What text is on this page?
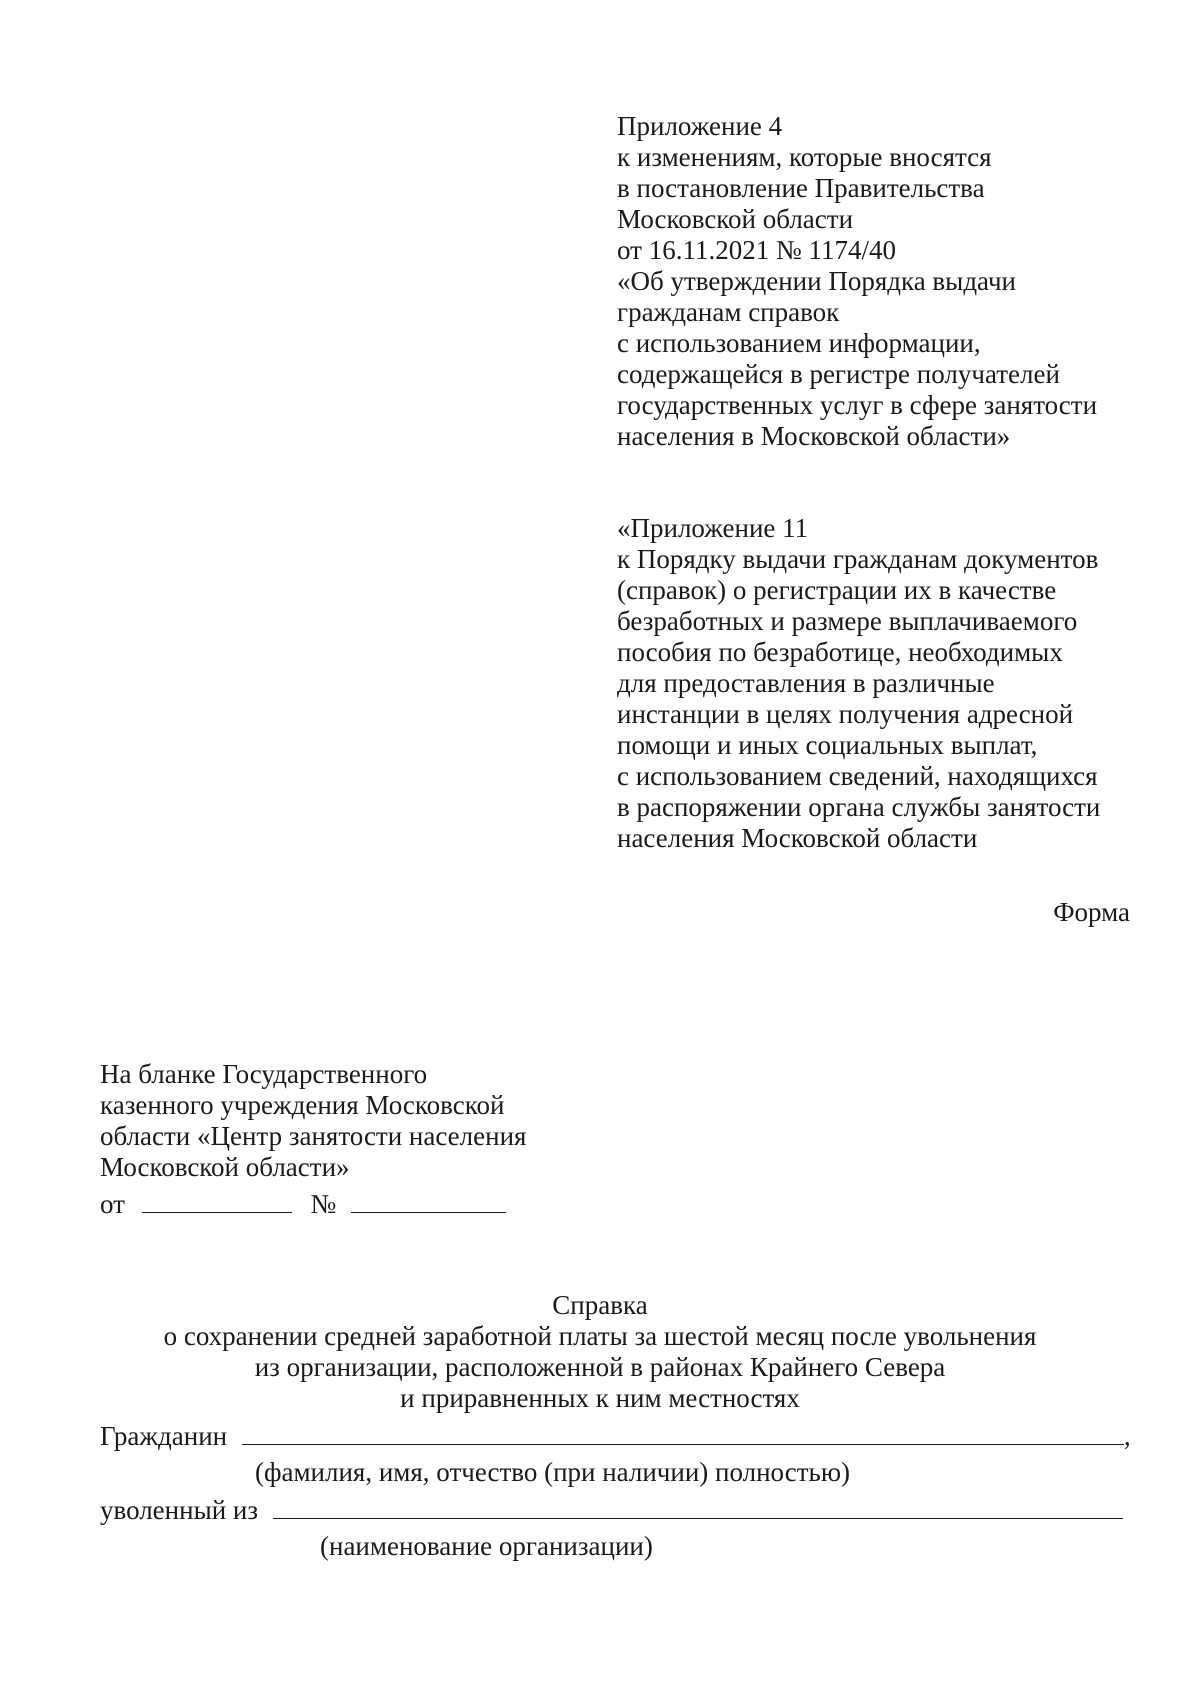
Приложение 4
к изменениям, которые вносятся
в постановление Правительства
Московской области
от 16.11.2021 № 1174/40
«Об утверждении Порядка выдачи
гражданам справок
с использованием информации,
содержащейся в регистре получателей
государственных услуг в сфере занятости
населения в Московской области»
«Приложение 11
к Порядку выдачи гражданам документов
(справок) о регистрации их в качестве
безработных и размере выплачиваемого
пособия по безработице, необходимых
для предоставления в различные
инстанции в целях получения адресной
помощи и иных социальных выплат,
с использованием сведений, находящихся
в распоряжении органа службы занятости
населения Московской области
Форма
На бланке Государственного
казенного учреждения Московской
области «Центр занятости населения
Московской области»
от	№
Справка
о сохранении средней заработной платы за шестой месяц после увольнения
из организации, расположенной в районах Крайнего Севера
и приравненных к ним местностях
Гражданин	,
(фамилия, имя, отчество (при наличии) полностью)
уволенный из
(наименование организации)
